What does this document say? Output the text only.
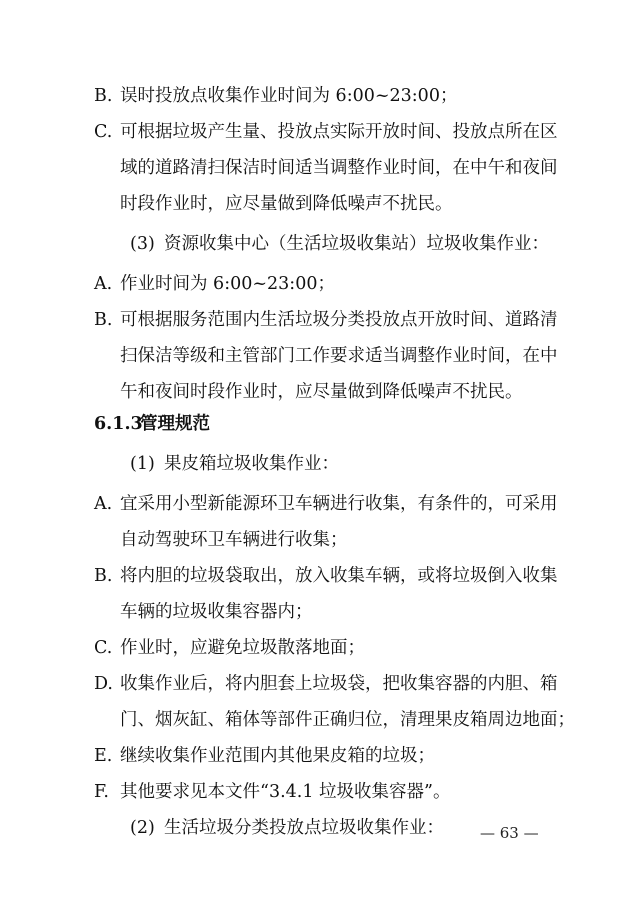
B. 误时投放点收集作业时间为 6:00~23:00；
C. 可根据垃圾产生量、投放点实际开放时间、投放点所在区
域的道路清扫保洁时间适当调整作业时间，在中午和夜间
时段作业时，应尽量做到降低噪声不扰民。
(3) 资源收集中心（生活垃圾收集站）垃圾收集作业：
A. 作业时间为 6:00~23:00；
B. 可根据服务范围内生活垃圾分类投放点开放时间、道路清
扫保洁等级和主管部门工作要求适当调整作业时间，在中
午和夜间时段作业时，应尽量做到降低噪声不扰民。
6.1.3
管理规范
(1) 果皮箱垃圾收集作业：
A. 宜采用小型新能源环卫车辆进行收集，有条件的，可采用
自动驾驶环卫车辆进行收集；
B. 将内胆的垃圾袋取出，放入收集车辆，或将垃圾倒入收集
车辆的垃圾收集容器内；
C. 作业时，应避免垃圾散落地面；
D. 收集作业后，将内胆套上垃圾袋，把收集容器的内胆、箱
门、烟灰缸、箱体等部件正确归位，清理果皮箱周边地面；
E. 继续收集作业范围内其他果皮箱的垃圾；
F. 其他要求见本文件“3.4.1 垃圾收集容器”。
(2) 生活垃圾分类投放点垃圾收集作业： — 63 —
